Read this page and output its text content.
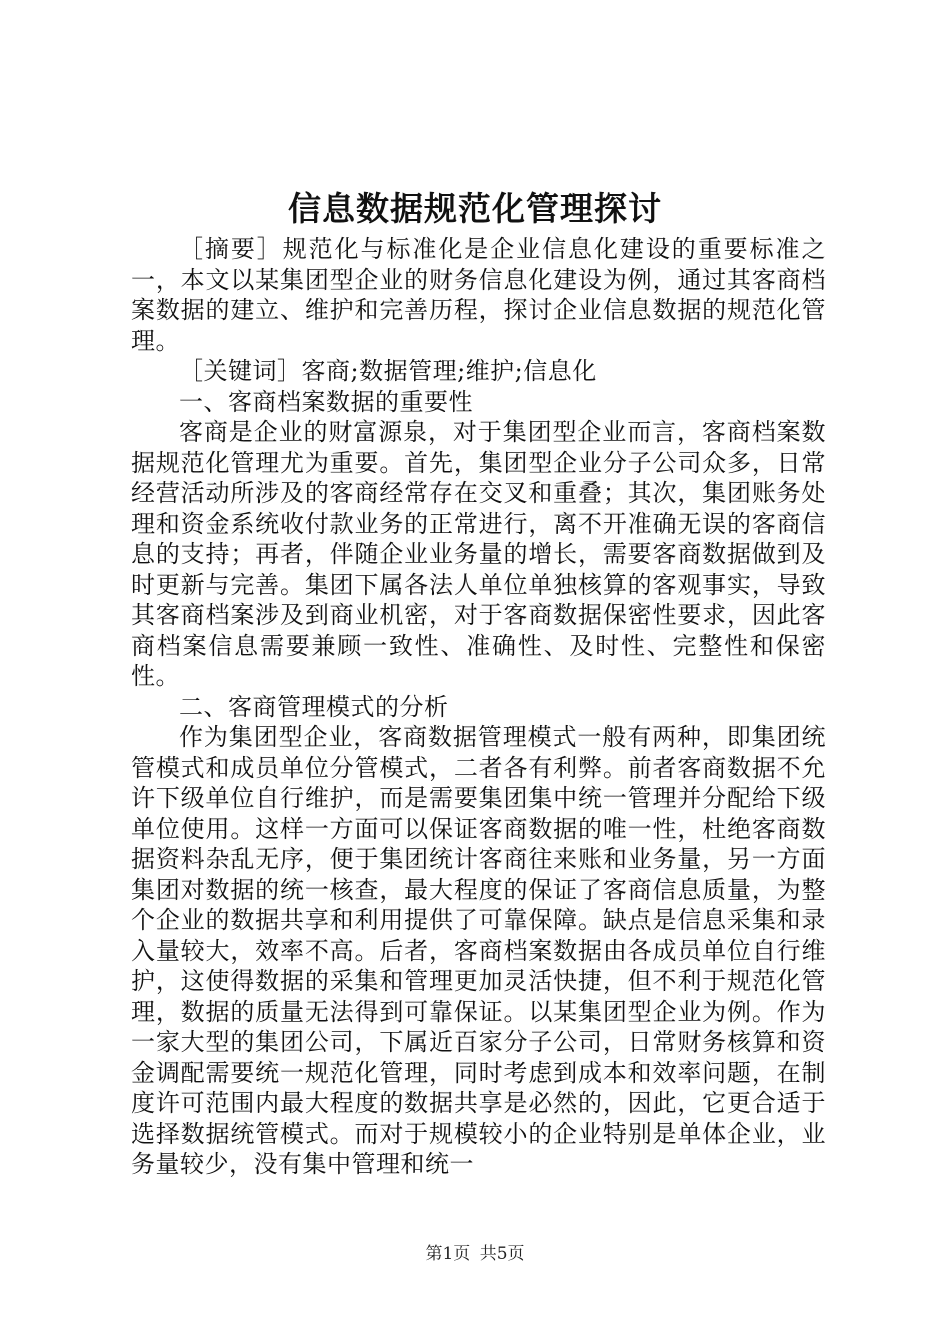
信息数据规范化管理探讨

［摘要］规范化与标准化是企业信息化建设的重要标准之一，本文以某集团型企业的财务信息化建设为例，通过其客商档案数据的建立、维护和完善历程，探讨企业信息数据的规范化管理。

［关键词］客商;数据管理;维护;信息化

一、客商档案数据的重要性

客商是企业的财富源泉，对于集团型企业而言，客商档案数据规范化管理尤为重要。首先，集团型企业分子公司众多，日常经营活动所涉及的客商经常存在交叉和重叠；其次，集团账务处理和资金系统收付款业务的正常进行，离不开准确无误的客商信息的支持；再者，伴随企业业务量的增长，需要客商数据做到及时更新与完善。集团下属各法人单位单独核算的客观事实，导致其客商档案涉及到商业机密，对于客商数据保密性要求，因此客商档案信息需要兼顾一致性、准确性、及时性、完整性和保密性。

二、客商管理模式的分析

作为集团型企业，客商数据管理模式一般有两种，即集团统管模式和成员单位分管模式，二者各有利弊。前者客商数据不允许下级单位自行维护，而是需要集团集中统一管理并分配给下级单位使用。这样一方面可以保证客商数据的唯一性，杜绝客商数据资料杂乱无序，便于集团统计客商往来账和业务量，另一方面集团对数据的统一核查，最大程度的保证了客商信息质量，为整个企业的数据共享和利用提供了可靠保障。缺点是信息采集和录入量较大，效率不高。后者，客商档案数据由各成员单位自行维护，这使得数据的采集和管理更加灵活快捷，但不利于规范化管理，数据的质量无法得到可靠保证。以某集团型企业为例。作为一家大型的集团公司，下属近百家分子公司，日常财务核算和资金调配需要统一规范化管理，同时考虑到成本和效率问题，在制度许可范围内最大程度的数据共享是必然的，因此，它更合适于选择数据统管模式。而对于规模较小的企业特别是单体企业，业务量较少，没有集中管理和统一

第1页 共5页
